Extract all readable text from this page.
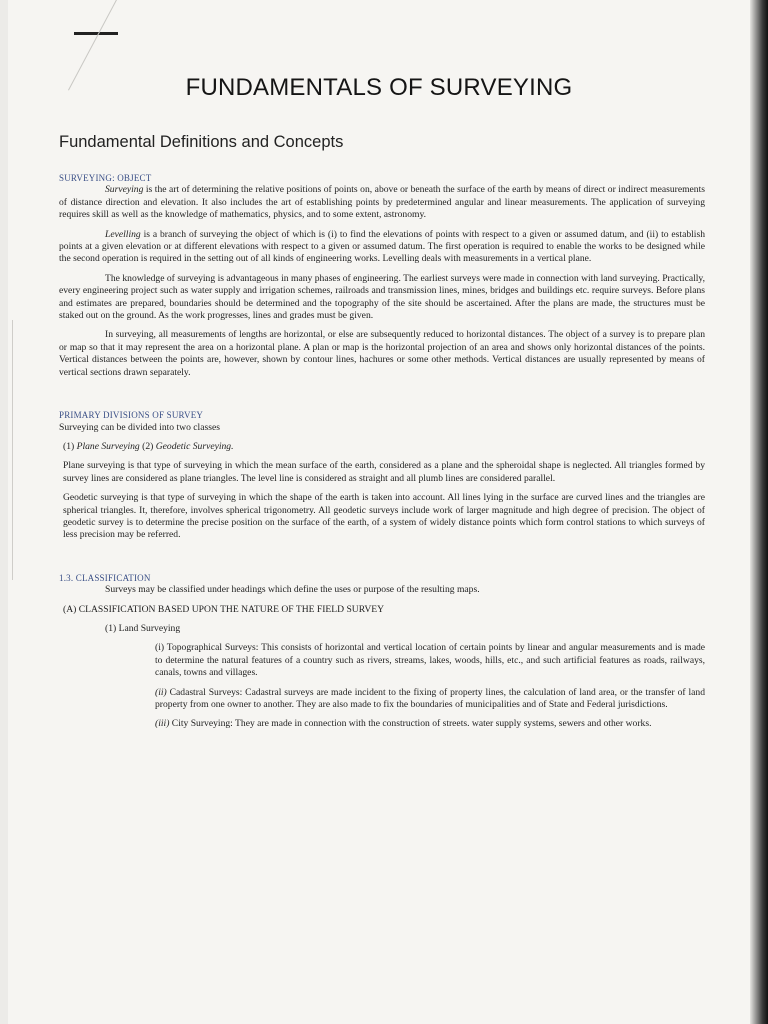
FUNDAMENTALS OF SURVEYING
Fundamental Definitions and Concepts
SURVEYING: OBJECT

Surveying is the art of determining the relative positions of points on, above or beneath the surface of the earth by means of direct or indirect measurements of distance direction and elevation. It also includes the art of establishing points by predetermined angular and linear measurements. The application of surveying requires skill as well as the knowledge of mathematics, physics, and to some extent, astronomy.

Levelling is a branch of surveying the object of which is (i) to find the elevations of points with respect to a given or assumed datum, and (ii) to establish points at a given elevation or at different elevations with respect to a given or assumed datum. The first operation is required to enable the works to be designed while the second operation is required in the setting out of all kinds of engineering works. Levelling deals with measurements in a vertical plane.

The knowledge of surveying is advantageous in many phases of engineering. The earliest surveys were made in connection with land surveying. Practically, every engineering project such as water supply and irrigation schemes, railroads and transmission lines, mines, bridges and buildings etc. require surveys. Before plans and estimates are prepared, boundaries should be determined and the topography of the site should be ascertained. After the plans are made, the structures must be staked out on the ground. As the work progresses, lines and grades must be given.

In surveying, all measurements of lengths are horizontal, or else are subsequently reduced to horizontal distances. The object of a survey is to prepare plan or map so that it may represent the area on a horizontal plane. A plan or map is the horizontal projection of an area and shows only horizontal distances of the points. Vertical distances between the points are, however, shown by contour lines, hachures or some other methods. Vertical distances are usually represented by means of vertical sections drawn separately.

PRIMARY DIVISIONS OF SURVEY
Surveying can be divided into two classes
(1) Plane Surveying (2) Geodetic Surveying.

Plane surveying is that type of surveying in which the mean surface of the earth, considered as a plane and the spheroidal shape is neglected. All triangles formed by survey lines are considered as plane triangles. The level line is considered as straight and all plumb lines are considered parallel.

Geodetic surveying is that type of surveying in which the shape of the earth is taken into account. All lines lying in the surface are curved lines and the triangles are spherical triangles. It, therefore, involves spherical trigonometry. All geodetic surveys include work of larger magnitude and high degree of precision. The object of geodetic survey is to determine the precise position on the surface of the earth, of a system of widely distance points which form control stations to which surveys of less precision may be referred.

1.3. CLASSIFICATION
Surveys may be classified under headings which define the uses or purpose of the resulting maps.
(A) CLASSIFICATION BASED UPON THE NATURE OF THE FIELD SURVEY
(1) Land Surveying

(i) Topographical Surveys: This consists of horizontal and vertical location of certain points by linear and angular measurements and is made to determine the natural features of a country such as rivers, streams, lakes, woods, hills, etc., and such artificial features as roads, railways, canals, towns and villages.

(ii) Cadastral Surveys: Cadastral surveys are made incident to the fixing of property lines, the calculation of land area, or the transfer of land property from one owner to another. They are also made to fix the boundaries of municipalities and of State and Federal jurisdictions.

(iii) City Surveying: They are made in connection with the construction of streets. water supply systems, sewers and other works.
